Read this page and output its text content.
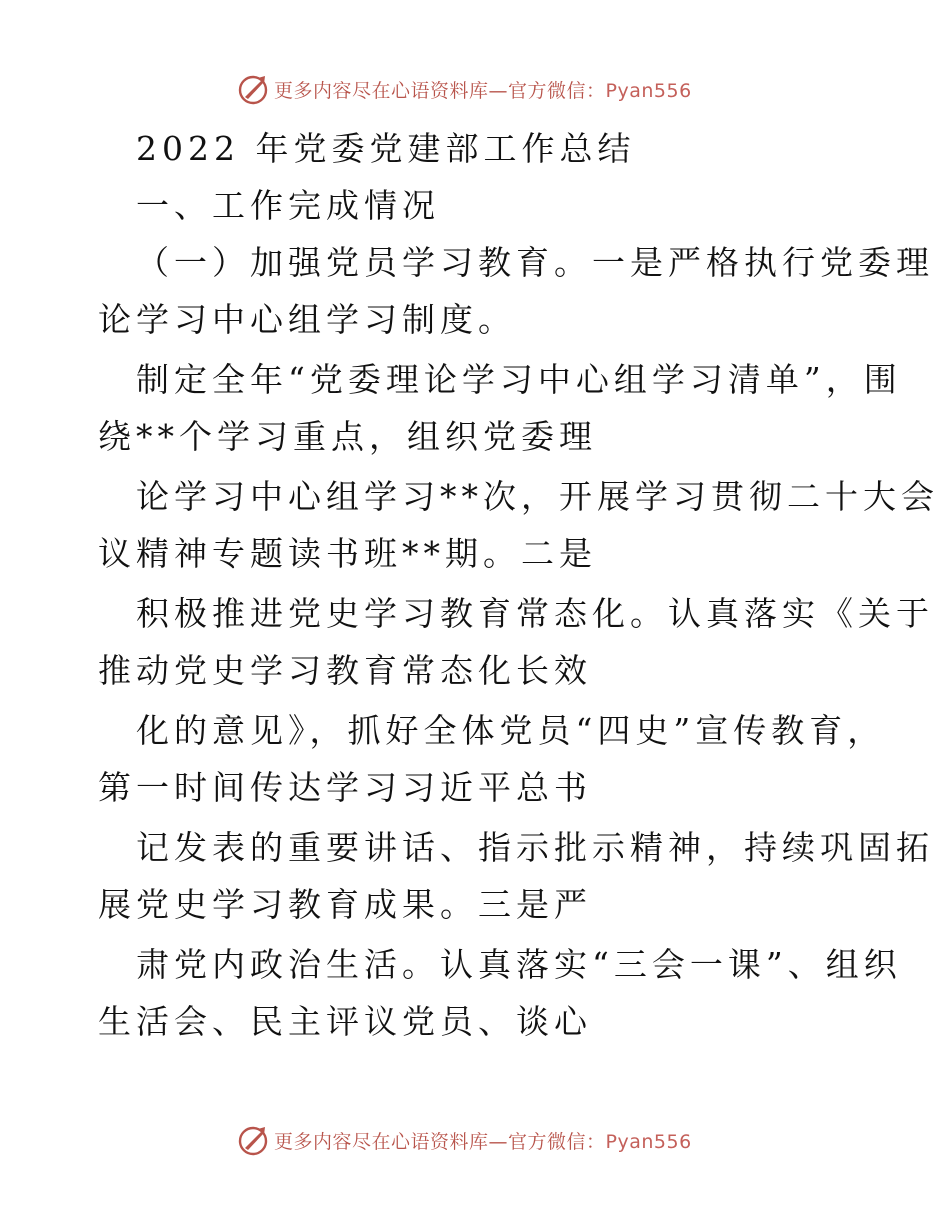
更多内容尽在心语资料库—官方微信：Pyan556
2022 年党委党建部工作总结
一、工作完成情况
（一）加强党员学习教育。一是严格执行党委理
论学习中心组学习制度。
制定全年“党委理论学习中心组学习清单”，围
绕**个学习重点，组织党委理
论学习中心组学习**次，开展学习贯彻二十大会
议精神专题读书班**期。二是
积极推进党史学习教育常态化。认真落实《关于
推动党史学习教育常态化长效
化的意见》，抓好全体党员“四史”宣传教育，
第一时间传达学习习近平总书
记发表的重要讲话、指示批示精神，持续巩固拓
展党史学习教育成果。三是严
肃党内政治生活。认真落实“三会一课”、组织
生活会、民主评议党员、谈心
更多内容尽在心语资料库—官方微信：Pyan556
